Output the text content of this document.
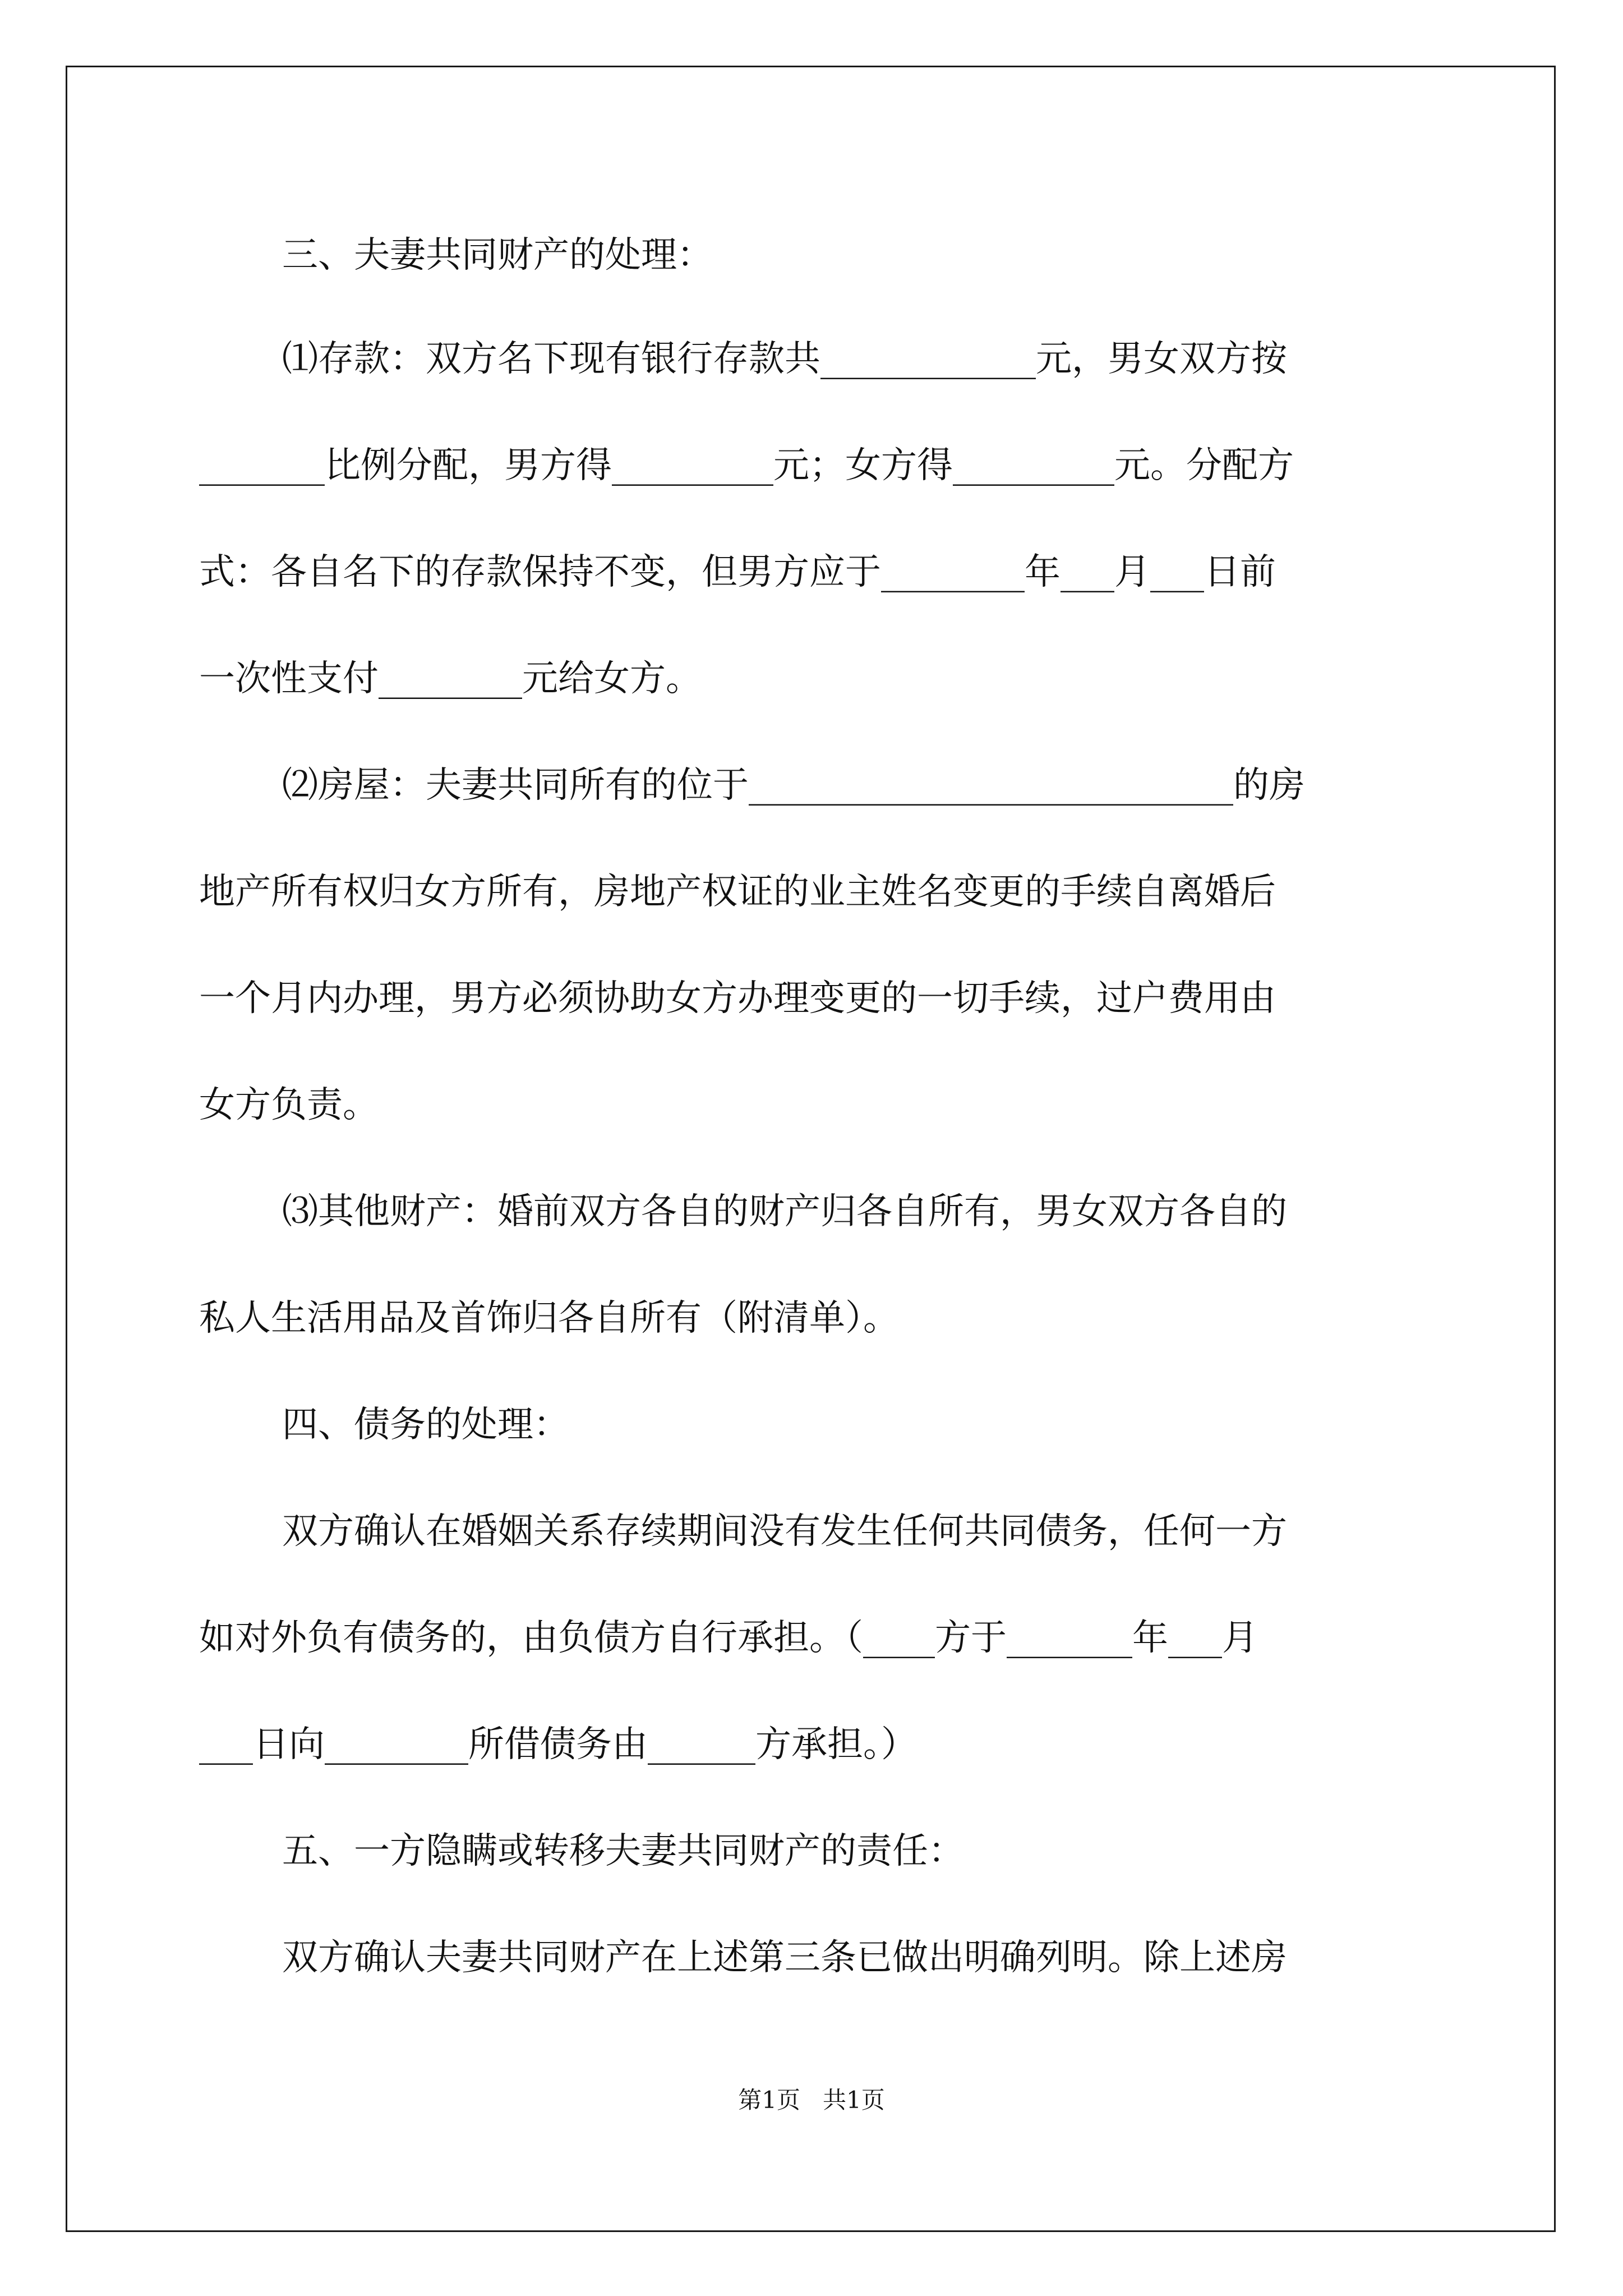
三、夫妻共同财产的处理：
⑴存款：双方名下现有银行存款共____________元，男女双方按
_______比例分配，男方得_________元；女方得_________元。分配方
式：各自名下的存款保持不变，但男方应于________年___月___日前
一次性支付________元给女方。
⑵房屋：夫妻共同所有的位于___________________________的房
地产所有权归女方所有，房地产权证的业主姓名变更的手续自离婚后
一个月内办理，男方必须协助女方办理变更的一切手续，过户费用由
女方负责。
⑶其他财产：婚前双方各自的财产归各自所有，男女双方各自的
私人生活用品及首饰归各自所有（附清单）。
四、债务的处理：
双方确认在婚姻关系存续期间没有发生任何共同债务，任何一方
如对外负有债务的，由负债方自行承担。（____方于_______年___月
___日向________所借债务由______方承担。）
五、一方隐瞒或转移夫妻共同财产的责任：
双方确认夫妻共同财产在上述第三条已做出明确列明。除上述房
第1页   共1页
